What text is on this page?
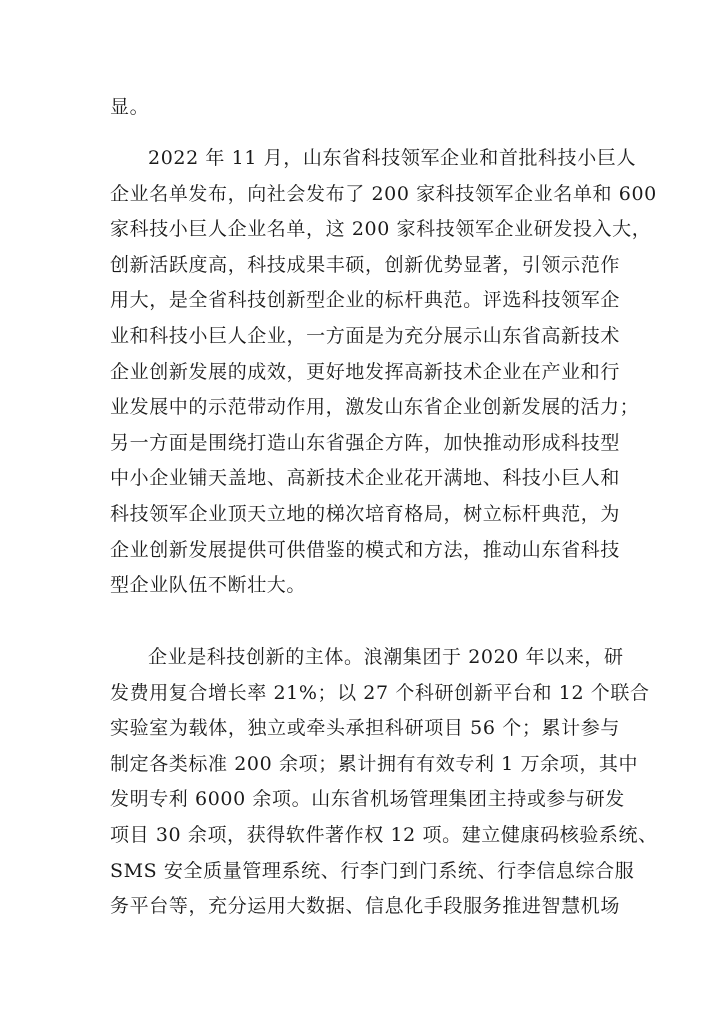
显。
2022 年 11 月，山东省科技领军企业和首批科技小巨人
企业名单发布，向社会发布了 200 家科技领军企业名单和 600
家科技小巨人企业名单，这 200 家科技领军企业研发投入大，
创新活跃度高，科技成果丰硕，创新优势显著，引领示范作
用大，是全省科技创新型企业的标杆典范。评选科技领军企
业和科技小巨人企业，一方面是为充分展示山东省高新技术
企业创新发展的成效，更好地发挥高新技术企业在产业和行
业发展中的示范带动作用，激发山东省企业创新发展的活力；
另一方面是围绕打造山东省强企方阵，加快推动形成科技型
中小企业铺天盖地、高新技术企业花开满地、科技小巨人和
科技领军企业顶天立地的梯次培育格局，树立标杆典范，为
企业创新发展提供可供借鉴的模式和方法，推动山东省科技
型企业队伍不断壮大。
企业是科技创新的主体。浪潮集团于 2020 年以来，研
发费用复合增长率 21%；以 27 个科研创新平台和 12 个联合
实验室为载体，独立或牵头承担科研项目 56 个；累计参与
制定各类标准 200 余项；累计拥有有效专利 1 万余项，其中
发明专利 6000 余项。山东省机场管理集团主持或参与研发
项目 30 余项，获得软件著作权 12 项。建立健康码核验系统、
SMS 安全质量管理系统、行李门到门系统、行李信息综合服
务平台等，充分运用大数据、信息化手段服务推进智慧机场
